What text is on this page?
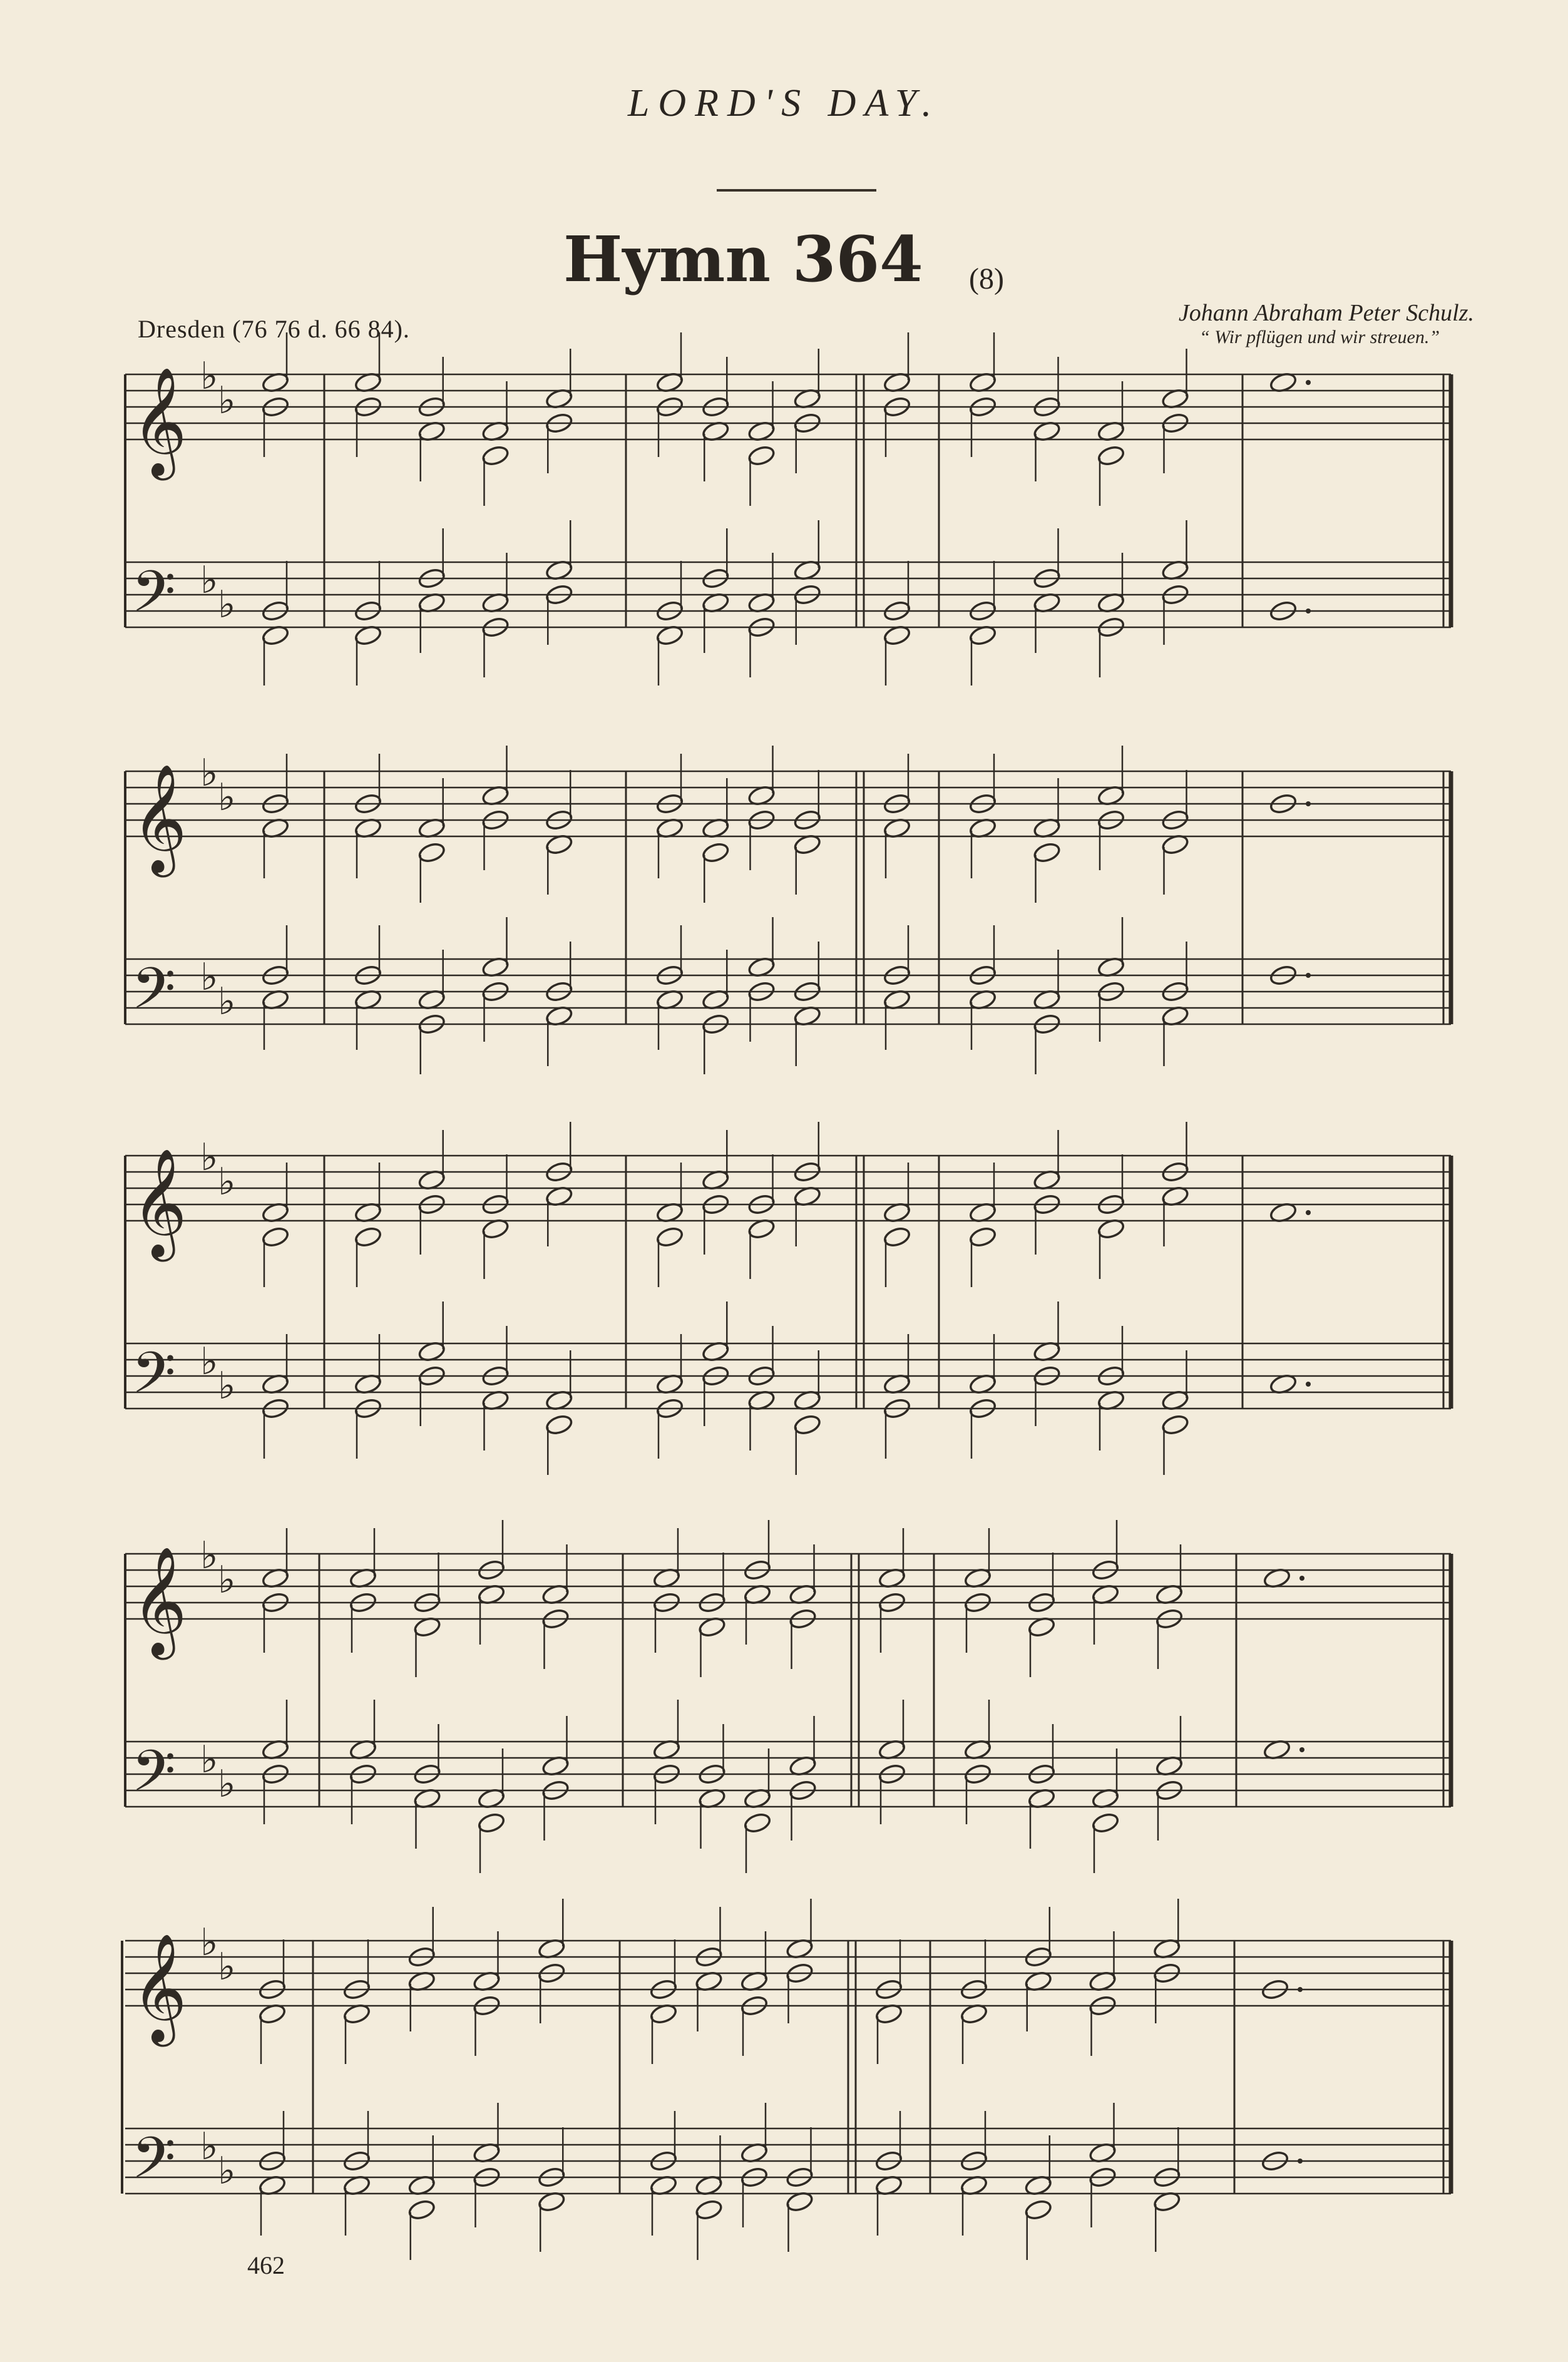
LORD'S DAY.
Hymn 364 (8)
Dresden (76 76 d. 66 84).
Johann Abraham Peter Schulz.
“ Wir pflügen und wir streuen.”
𝄞 ♭
♭
𝄢 ♭
♭
𝄞 ♭
♭
𝄢 ♭
♭
𝄞 ♭
♭
𝄢 ♭
♭
𝄞 ♭
♭
𝄢 ♭
♭
𝄞 ♭
♭
𝄢 ♭
♭
462
